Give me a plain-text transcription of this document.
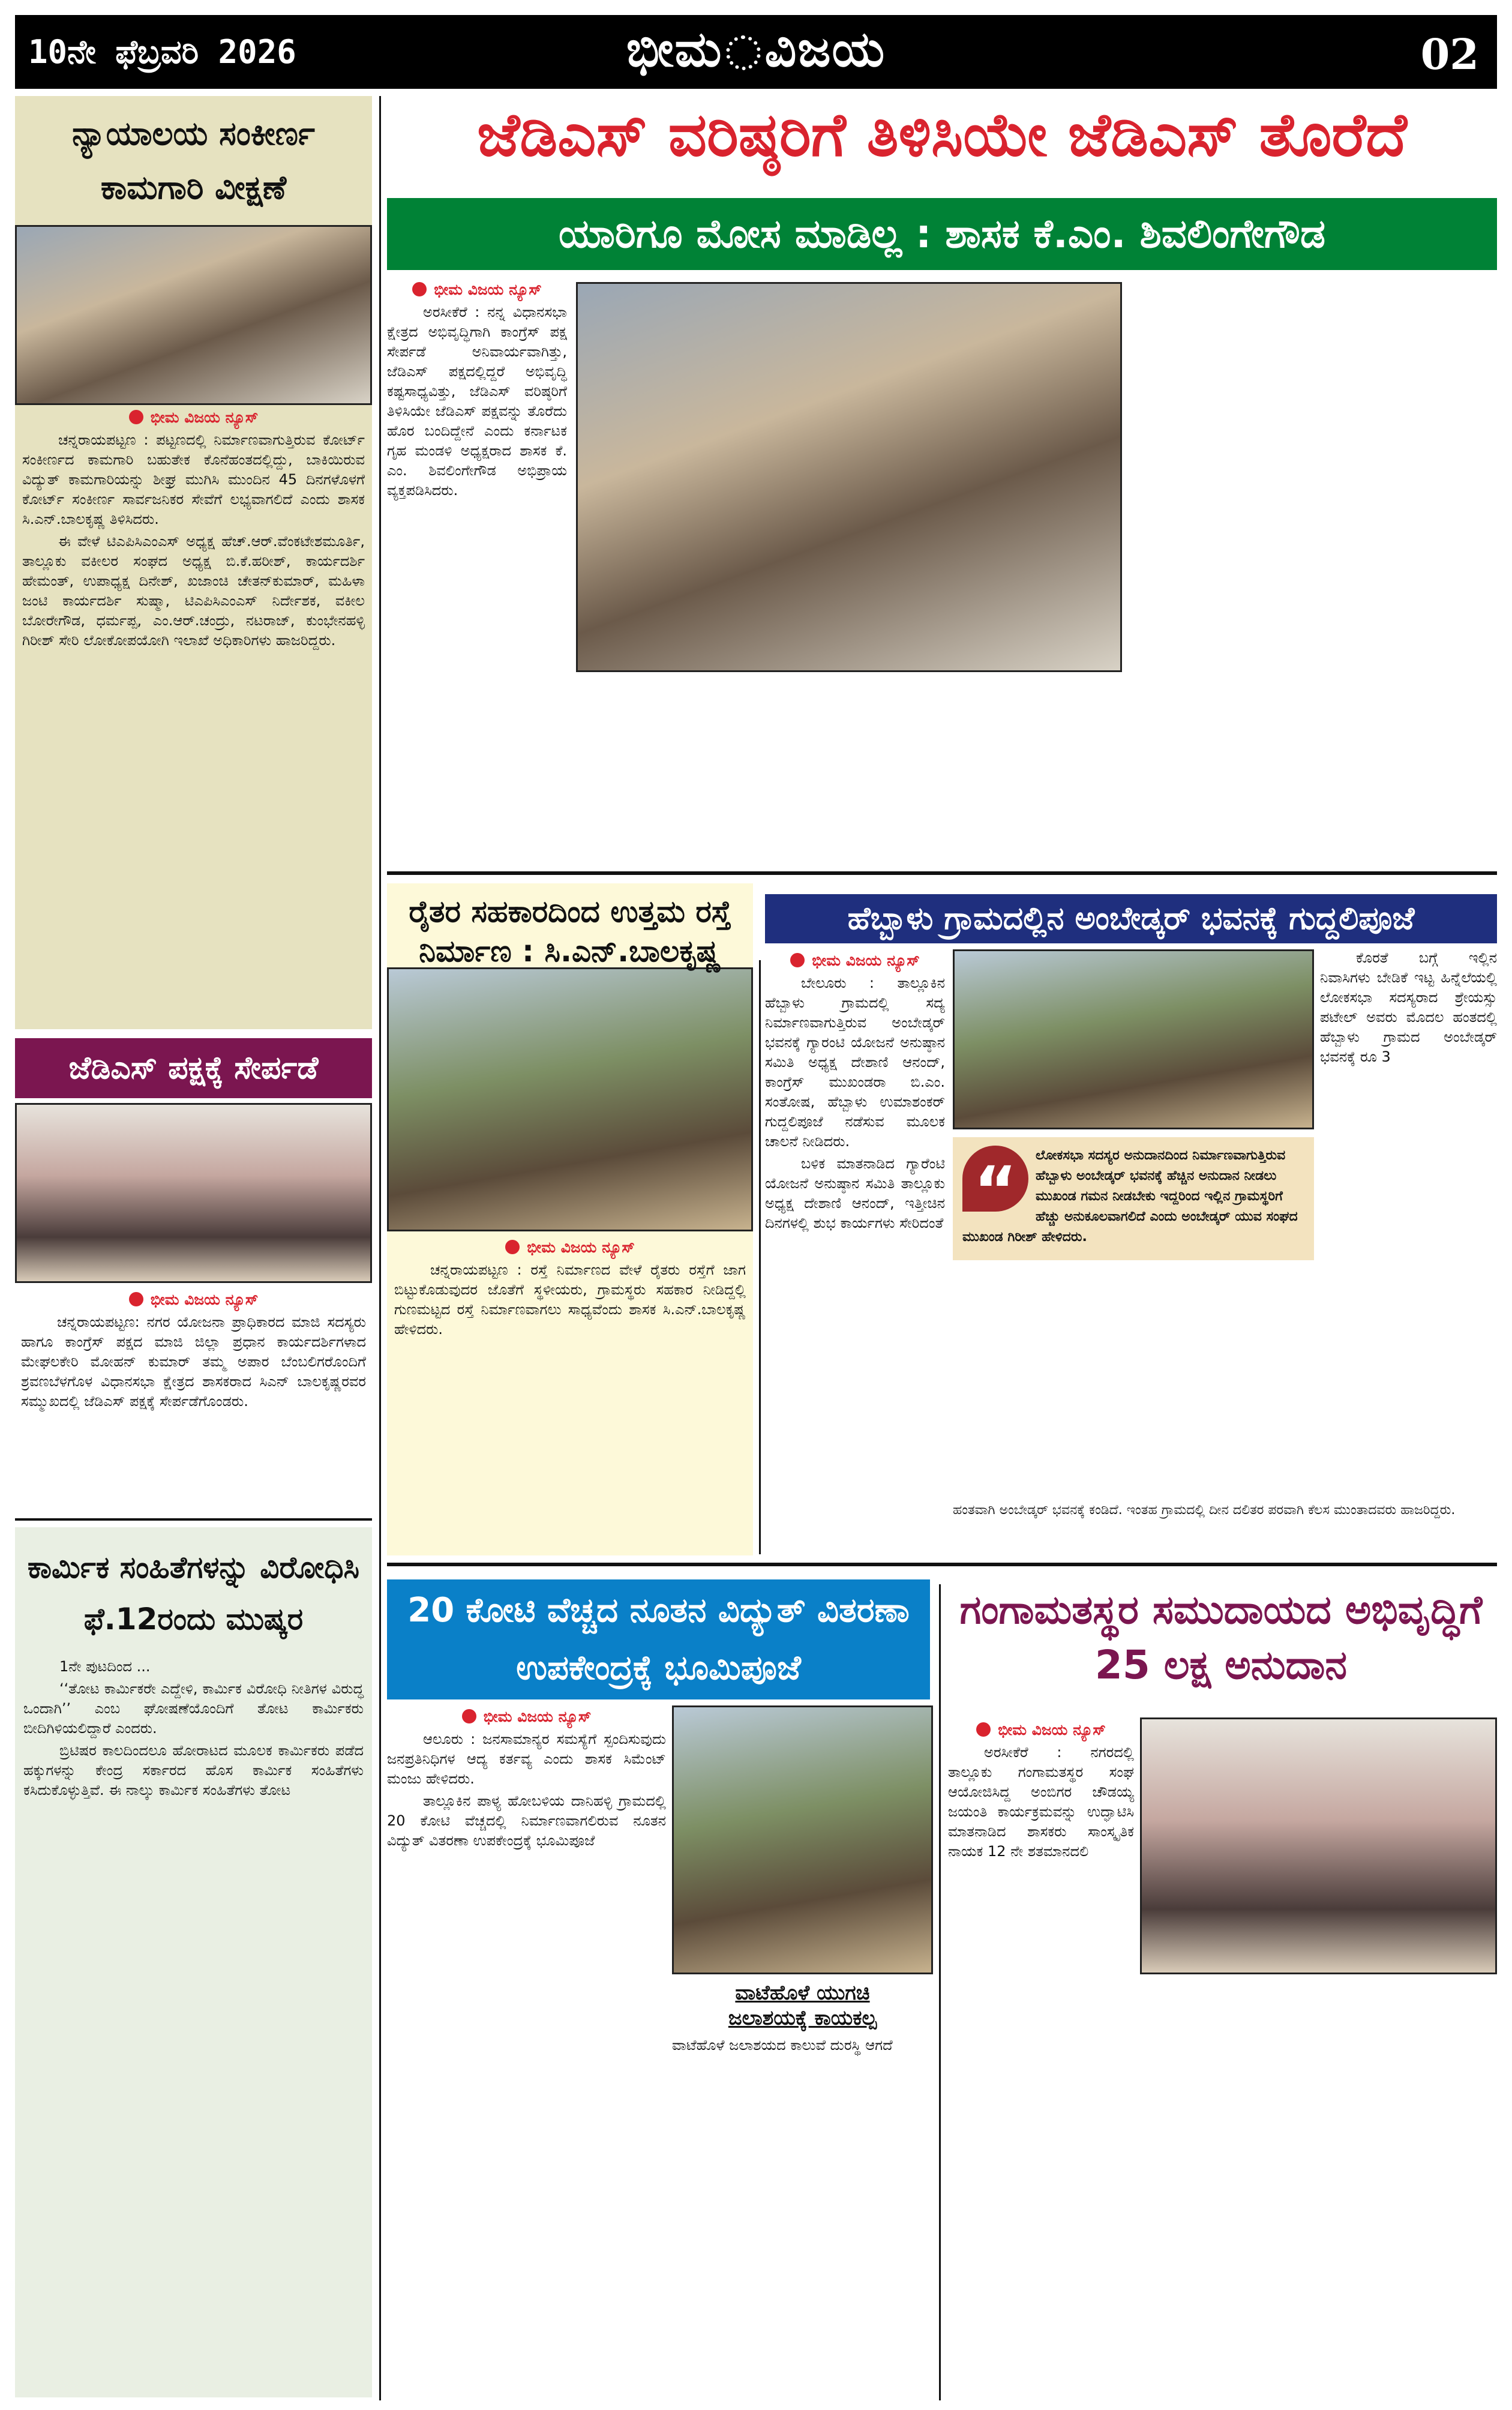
10ನೇ ಫೆಬ್ರವರಿ 2026	ಭೀಮ ವಿಜಯ	02
ನ್ಯಾಯಾಲಯ ಸಂಕೀರ್ಣ ಕಾಮಗಾರಿ ವೀಕ್ಷಣೆ
ಭೀಮ ವಿಜಯ ನ್ಯೂಸ್

ಚನ್ನರಾಯಪಟ್ಟಣ : ಪಟ್ಟಣದಲ್ಲಿ ನಿರ್ಮಾಣವಾಗುತ್ತಿರುವ ಕೋರ್ಟ್ ಸಂಕೀರ್ಣದ ಕಾಮಗಾರಿ ಬಹುತೇಕ ಕೊನೆಹಂತದಲ್ಲಿದ್ದು, ಬಾಕಿಯಿರುವ ವಿದ್ಯುತ್ ಕಾಮಗಾರಿಯನ್ನು ಶೀಘ್ರ ಮುಗಿಸಿ ಮುಂದಿನ 45 ದಿನಗಳೊಳಗೆ ಕೋರ್ಟ್ ಸಂಕೀರ್ಣ ಸಾರ್ವಜನಿಕರ ಸೇವೆಗೆ ಲಭ್ಯವಾಗಲಿದೆ ಎಂದು ಶಾಸಕ ಸಿ.ಎನ್.ಬಾಲಕೃಷ್ಣ ತಿಳಿಸಿದರು.

ಈ ವೇಳೆ ಟಿಎಪಿಸಿಎಂಎಸ್ ಅಧ್ಯಕ್ಷ ಹೆಚ್.ಆರ್.ವೆಂಕಟೇಶಮೂರ್ತಿ, ತಾಲ್ಲೂಕು ವಕೀಲರ ಸಂಘದ ಅಧ್ಯಕ್ಷ ಬಿ.ಕೆ.ಹರೀಶ್, ಕಾರ್ಯದರ್ಶಿ ಹೇಮಂತ್, ಉಪಾಧ್ಯಕ್ಷ ದಿನೇಶ್, ಖಜಾಂಚಿ ಚೇತನ್‌ಕುಮಾರ್, ಮಹಿಳಾ ಜಂಟಿ ಕಾರ್ಯದರ್ಶಿ ಸುಷ್ಮಾ, ಟಿಎಪಿಸಿಎಂಎಸ್ ನಿರ್ದೇಶಕ, ವಕೀಲ ಬೋರೇಗೌಡ, ಧರ್ಮಪ್ಪ, ಎಂ.ಆರ್.ಚಂದ್ರು, ನಟರಾಜ್, ಕುಂಭೇನಹಳ್ಳಿ ಗಿರೀಶ್ ಸೇರಿ ಲೋಕೋಪಯೋಗಿ ಇಲಾಖೆ ಅಧಿಕಾರಿಗಳು ಹಾಜರಿದ್ದರು.

ಜೆಡಿಎಸ್ ಪಕ್ಷಕ್ಕೆ ಸೇರ್ಪಡೆ
ಭೀಮ ವಿಜಯ ನ್ಯೂಸ್

ಚನ್ನರಾಯಪಟ್ಟಣ: ನಗರ ಯೋಜನಾ ಪ್ರಾಧಿಕಾರದ ಮಾಜಿ ಸದಸ್ಯರು ಹಾಗೂ ಕಾಂಗ್ರೆಸ್ ಪಕ್ಷದ ಮಾಜಿ ಜಿಲ್ಲಾ ಪ್ರಧಾನ ಕಾರ್ಯದರ್ಶಿಗಳಾದ ಮೇಘಲಕೇರಿ ಮೋಹನ್ ಕುಮಾರ್ ತಮ್ಮ ಅಪಾರ ಬೆಂಬಲಿಗರೊಂದಿಗೆ ಶ್ರವಣಬೆಳಗೊಳ ವಿಧಾನಸಭಾ ಕ್ಷೇತ್ರದ ಶಾಸಕರಾದ ಸಿಎನ್ ಬಾಲಕೃಷ್ಣರವರ ಸಮ್ಮುಖದಲ್ಲಿ ಜೆಡಿಎಸ್ ಪಕ್ಷಕ್ಕೆ ಸೇರ್ಪಡೆಗೊಂಡರು.

ಕಾರ್ಮಿಕ ಸಂಹಿತೆಗಳನ್ನು ವಿರೋಧಿಸಿ ಫೆ.12ರಂದು ಮುಷ್ಕರ

1ನೇ ಪುಟದಿಂದ ...

‘‘ತೋಟ ಕಾರ್ಮಿಕರೇ ಎದ್ದೇಳಿ, ಕಾರ್ಮಿಕ ವಿರೋಧಿ ನೀತಿಗಳ ವಿರುದ್ಧ ಒಂದಾಗಿ’’ ಎಂಬ ಘೋಷಣೆಯೊಂದಿಗೆ ತೋಟ ಕಾರ್ಮಿಕರು ಬೀದಿಗಿಳಿಯಲಿದ್ದಾರೆ ಎಂದರು.

ಬ್ರಿಟಿಷರ ಕಾಲದಿಂದಲೂ ಹೋರಾಟದ ಮೂಲಕ ಕಾರ್ಮಿಕರು ಪಡೆದ ಹಕ್ಕುಗಳನ್ನು ಕೇಂದ್ರ ಸರ್ಕಾರದ ಹೊಸ ಕಾರ್ಮಿಕ ಸಂಹಿತೆಗಳು ಕಸಿದುಕೊಳ್ಳುತ್ತಿವೆ. ಈ ನಾಲ್ಕು ಕಾರ್ಮಿಕ ಸಂಹಿತೆಗಳು ತೋಟ

ಜೆಡಿಎಸ್ ವರಿಷ್ಠರಿಗೆ ತಿಳಿಸಿಯೇ ಜೆಡಿಎಸ್ ತೊರೆದೆ
ಯಾರಿಗೂ ಮೋಸ ಮಾಡಿಲ್ಲ : ಶಾಸಕ ಕೆ.ಎಂ. ಶಿವಲಿಂಗೇಗೌಡ
ಭೀಮ ವಿಜಯ ನ್ಯೂಸ್

ಅರಸೀಕೆರೆ : ನನ್ನ ವಿಧಾನಸಭಾ ಕ್ಷೇತ್ರದ ಅಭಿವೃದ್ಧಿಗಾಗಿ ಕಾಂಗ್ರೆಸ್ ಪಕ್ಷ ಸೇರ್ಪಡೆ ಅನಿವಾರ್ಯವಾಗಿತ್ತು, ಜೆಡಿಎಸ್ ಪಕ್ಷದಲ್ಲಿದ್ದರೆ ಅಭಿವೃದ್ಧಿ ಕಷ್ಟಸಾಧ್ಯವಿತ್ತು, ಜೆಡಿಎಸ್ ವರಿಷ್ಠರಿಗೆ ತಿಳಿಸಿಯೇ ಜೆಡಿಎಸ್ ಪಕ್ಷವನ್ನು ತೊರೆದು ಹೊರ ಬಂದಿದ್ದೇನೆ ಎಂದು ಕರ್ನಾಟಕ ಗೃಹ ಮಂಡಳಿ ಅಧ್ಯಕ್ಷರಾದ ಶಾಸಕ ಕೆ. ಎಂ. ಶಿವಲಿಂಗೇಗೌಡ ಅಭಿಪ್ರಾಯ ವ್ಯಕ್ತಪಡಿಸಿದರು.

ರೈತರ ಸಹಕಾರದಿಂದ ಉತ್ತಮ ರಸ್ತೆ ನಿರ್ಮಾಣ : ಸಿ.ಎನ್.ಬಾಲಕೃಷ್ಣ
ಭೀಮ ವಿಜಯ ನ್ಯೂಸ್

ಚನ್ನರಾಯಪಟ್ಟಣ : ರಸ್ತೆ ನಿರ್ಮಾಣದ ವೇಳೆ ರೈತರು ರಸ್ತೆಗೆ ಜಾಗ ಬಿಟ್ಟುಕೊಡುವುದರ ಜೊತೆಗೆ ಸ್ಥಳೀಯರು, ಗ್ರಾಮಸ್ಥರು ಸಹಕಾರ ನೀಡಿದ್ದಲ್ಲಿ ಗುಣಮಟ್ಟದ ರಸ್ತೆ ನಿರ್ಮಾಣವಾಗಲು ಸಾಧ್ಯವೆಂದು ಶಾಸಕ ಸಿ.ಎನ್.ಬಾಲಕೃಷ್ಣ ಹೇಳಿದರು.

ಹೆಬ್ಬಾಳು ಗ್ರಾಮದಲ್ಲಿನ ಅಂಬೇಡ್ಕರ್ ಭವನಕ್ಕೆ ಗುದ್ದಲಿಪೂಜೆ
ಭೀಮ ವಿಜಯ ನ್ಯೂಸ್

ಬೇಲೂರು : ತಾಲ್ಲೂಕಿನ ಹೆಬ್ಬಾಳು ಗ್ರಾಮದಲ್ಲಿ ಸದ್ಯ ನಿರ್ಮಾಣವಾಗುತ್ತಿರುವ ಅಂಬೇಡ್ಕರ್ ಭವನಕ್ಕೆ ಗ್ಯಾರಂಟಿ ಯೋಜನೆ ಅನುಷ್ಠಾನ ಸಮಿತಿ ಅಧ್ಯಕ್ಷ ದೇಶಾಣಿ ಆನಂದ್, ಕಾಂಗ್ರೆಸ್ ಮುಖಂಡರಾ ಬಿ.ಎಂ. ಸಂತೋಷ, ಹೆಬ್ಬಾಳು ಉಮಾಶಂಕರ್ ಗುದ್ದಲಿಪೂಜೆ ನಡೆಸುವ ಮೂಲಕ ಚಾಲನೆ ನೀಡಿದರು.

ಬಳಿಕ ಮಾತನಾಡಿದ ಗ್ಯಾರೆಂಟಿ ಯೋಜನೆ ಅನುಷ್ಠಾನ ಸಮಿತಿ ತಾಲ್ಲೂಕು ಅಧ್ಯಕ್ಷ ದೇಶಾಣಿ ಆನಂದ್, ಇತ್ತೀಚಿನ ದಿನಗಳಲ್ಲಿ ಶುಭ ಕಾರ್ಯಗಳು ಸೇರಿದಂತೆ “	ಲೋಕಸಭಾ ಸದಸ್ಯರ ಅನುದಾನದಿಂದ ನಿರ್ಮಾಣವಾಗುತ್ತಿರುವ ಹೆಬ್ಬಾಳು ಅಂಬೇಡ್ಕರ್ ಭವನಕ್ಕೆ ಹೆಚ್ಚಿನ ಅನುದಾನ ನೀಡಲು ಮುಖಂಡ ಗಮನ ನೀಡಬೇಕು ಇದ್ದರಿಂದ ಇಲ್ಲಿನ ಗ್ರಾಮಸ್ಥರಿಗೆ ಹೆಚ್ಚು ಅನುಕೂಲವಾಗಲಿದೆ ಎಂದು ಅಂಬೇಡ್ಕರ್ ಯುವ ಸಂಘದ ಮುಖಂಡ ಗಿರೀಶ್ ಹೇಳಿದರು.

ಕೊರತೆ ಬಗ್ಗೆ ಇಲ್ಲಿನ ನಿವಾಸಿಗಳು ಬೇಡಿಕೆ ಇಟ್ಟ ಹಿನ್ನೆಲೆಯಲ್ಲಿ ಲೋಕಸಭಾ ಸದಸ್ಯರಾದ ಶ್ರೇಯಸ್ಸು ಪಟೇಲ್ ಅವರು ಮೊದಲ ಹಂತದಲ್ಲಿ ಹೆಬ್ಬಾಳು ಗ್ರಾಮದ ಅಂಬೇಡ್ಕರ್ ಭವನಕ್ಕೆ ರೂ 3

ಹಂತವಾಗಿ ಅಂಬೇಡ್ಕರ್ ಭವನಕ್ಕೆ ಕಂಡಿದೆ. ಇಂತಹ ಗ್ರಾಮದಲ್ಲಿ ದೀನ ದಲಿತರ ಪರವಾಗಿ ಕೆಲಸ ಮುಂತಾದವರು ಹಾಜರಿದ್ದರು.
20 ಕೋಟಿ ವೆಚ್ಚದ ನೂತನ ವಿದ್ಯುತ್ ವಿತರಣಾ ಉಪಕೇಂದ್ರಕ್ಕೆ ಭೂಮಿಪೂಜೆ
ಭೀಮ ವಿಜಯ ನ್ಯೂಸ್

ಆಲೂರು : ಜನಸಾಮಾನ್ಯರ ಸಮಸ್ಯೆಗೆ ಸ್ಪಂದಿಸುವುದು ಜನಪ್ರತಿನಿಧಿಗಳ ಆದ್ಯ ಕರ್ತವ್ಯ ಎಂದು ಶಾಸಕ ಸಿಮೆಂಟ್ ಮಂಜು ಹೇಳಿದರು.

ತಾಲ್ಲೂಕಿನ ಪಾಳ್ಯ ಹೋಬಳಿಯ ದಾನಿಹಳ್ಳಿ ಗ್ರಾಮದಲ್ಲಿ 20 ಕೋಟಿ ವೆಚ್ಚದಲ್ಲಿ ನಿರ್ಮಾಣವಾಗಲಿರುವ ನೂತನ ವಿದ್ಯುತ್ ವಿತರಣಾ ಉಪಕೇಂದ್ರಕ್ಕೆ ಭೂಮಿಪೂಜೆ

ವಾಟೆಹೊಳೆ ಯುಗಚಿ ಜಲಾಶಯಕ್ಕೆ ಕಾಯಕಲ್ಪ
ವಾಟೆಹೊಳೆ ಜಲಾಶಯದ ಕಾಲುವೆ ದುರಸ್ಥಿ ಆಗದೆ
ಗಂಗಾಮತಸ್ಥರ ಸಮುದಾಯದ ಅಭಿವೃದ್ಧಿಗೆ 25 ಲಕ್ಷ ಅನುದಾನ
ಭೀಮ ವಿಜಯ ನ್ಯೂಸ್

ಅರಸೀಕೆರೆ : ನಗರದಲ್ಲಿ ತಾಲ್ಲೂಕು ಗಂಗಾಮತಸ್ಥರ ಸಂಘ ಆಯೋಜಿಸಿದ್ದ ಅಂಬಿಗರ ಚೌಡಯ್ಯ ಜಯಂತಿ ಕಾರ್ಯಕ್ರಮವನ್ನು ಉದ್ಘಾಟಿಸಿ ಮಾತನಾಡಿದ ಶಾಸಕರು ಸಾಂಸ್ಕೃತಿಕ ನಾಯಕ 12 ನೇ ಶತಮಾನದಲಿ
